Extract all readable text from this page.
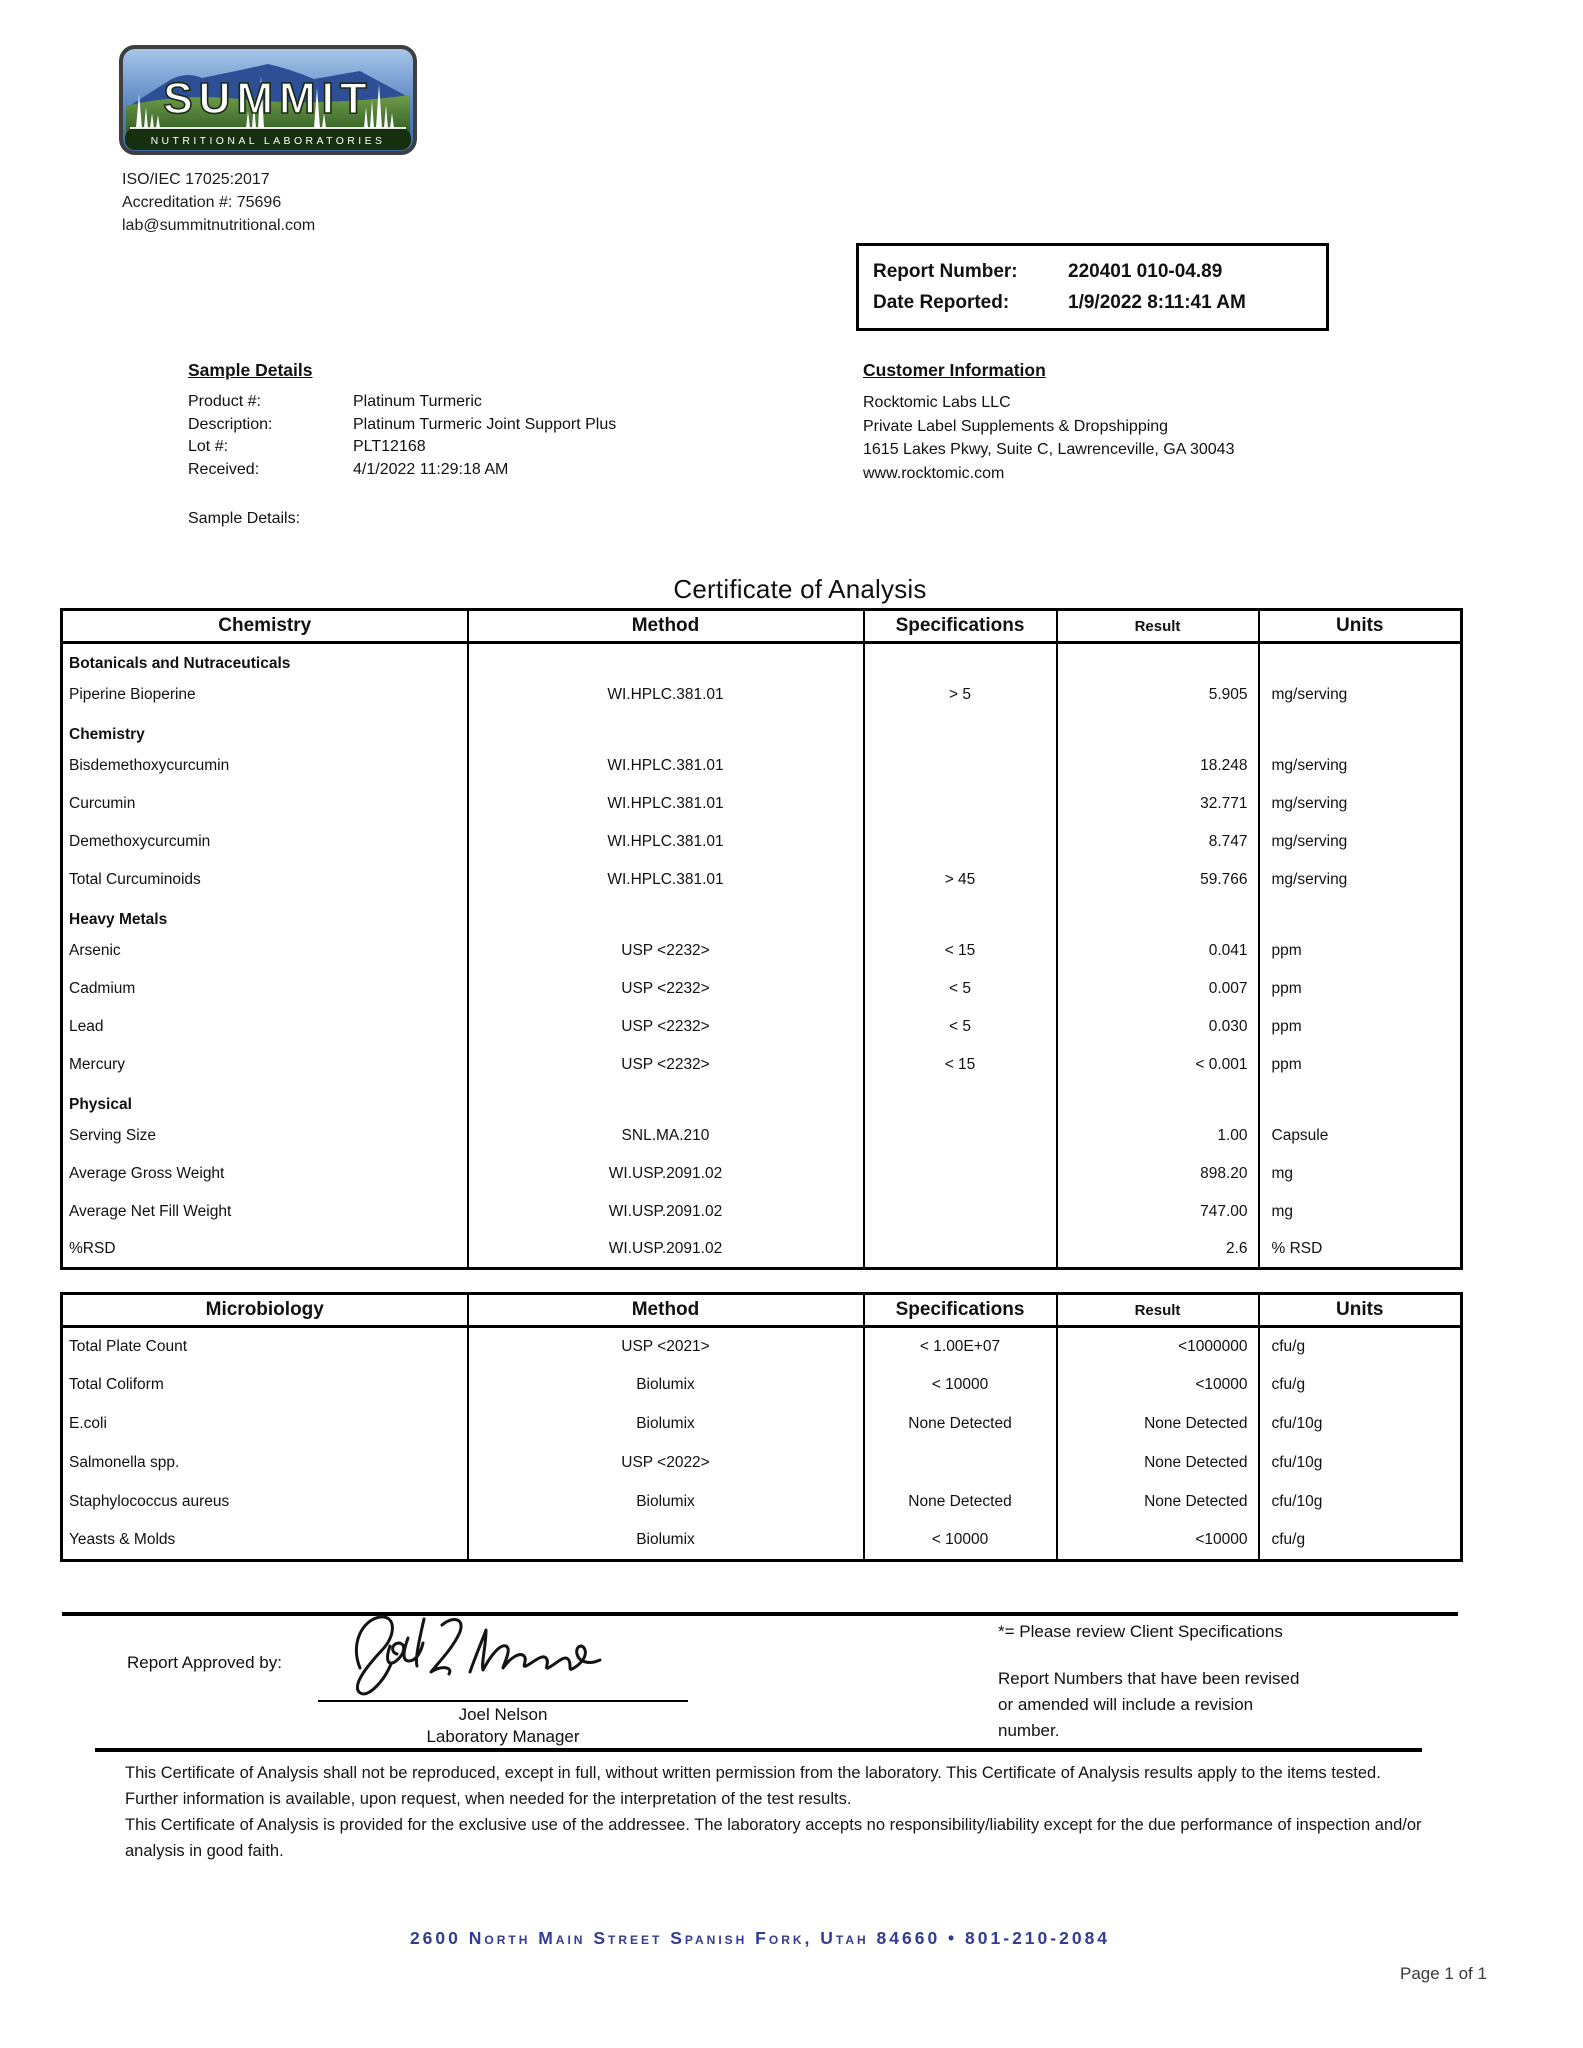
SUMMIT
NUTRITIONAL LABORATORIES
ISO/IEC 17025:2017
Accreditation #: 75696
lab@summitnutritional.com
Report Number:	220401 010-04.89
Date Reported:	1/9/2022 8:11:41 AM
Sample Details
Product #:	Platinum Turmeric
Description:	Platinum Turmeric Joint Support Plus
Lot #:	PLT12168
Received:	4/1/2022 11:29:18 AM
Sample Details:
Customer Information
Rocktomic Labs LLC
Private Label Supplements & Dropshipping
1615 Lakes Pkwy, Suite C, Lawrenceville, GA 30043
www.rocktomic.com
Certificate of Analysis
Chemistry	Method	Specifications	Result	Units
Botanicals and Nutraceuticals				
Piperine Bioperine	WI.HPLC.381.01	> 5	5.905	mg/serving
Chemistry				
Bisdemethoxycurcumin	WI.HPLC.381.01		18.248	mg/serving
Curcumin	WI.HPLC.381.01		32.771	mg/serving
Demethoxycurcumin	WI.HPLC.381.01		8.747	mg/serving
Total Curcuminoids	WI.HPLC.381.01	> 45	59.766	mg/serving
Heavy Metals				
Arsenic	USP <2232>	< 15	0.041	ppm
Cadmium	USP <2232>	< 5	0.007	ppm
Lead	USP <2232>	< 5	0.030	ppm
Mercury	USP <2232>	< 15	< 0.001	ppm
Physical				
Serving Size	SNL.MA.210		1.00	Capsule
Average Gross Weight	WI.USP.2091.02		898.20	mg
Average Net Fill Weight	WI.USP.2091.02		747.00	mg
%RSD	WI.USP.2091.02		2.6	% RSD
Microbiology	Method	Specifications	Result	Units
Total Plate Count	USP <2021>	< 1.00E+07	<1000000	cfu/g
Total Coliform	Biolumix	< 10000	<10000	cfu/g
E.coli	Biolumix	None Detected	None Detected	cfu/10g
Salmonella spp.	USP <2022>		None Detected	cfu/10g
Staphylococcus aureus	Biolumix	None Detected	None Detected	cfu/10g
Yeasts & Molds	Biolumix	< 10000	<10000	cfu/g
Report Approved by:
Joel Nelson
Laboratory Manager
*= Please review Client Specifications
Report Numbers that have been revised or amended will include a revision number.

This Certificate of Analysis shall not be reproduced, except in full, without written permission from the laboratory. This Certificate of Analysis results apply to the items tested. Further information is available, upon request, when needed for the interpretation of the test results.

This Certificate of Analysis is provided for the exclusive use of the addressee. The laboratory accepts no responsibility/liability except for the due performance of inspection and/or analysis in good faith.

2600 North Main Street Spanish Fork, Utah 84660 • 801-210-2084
Page 1 of 1
